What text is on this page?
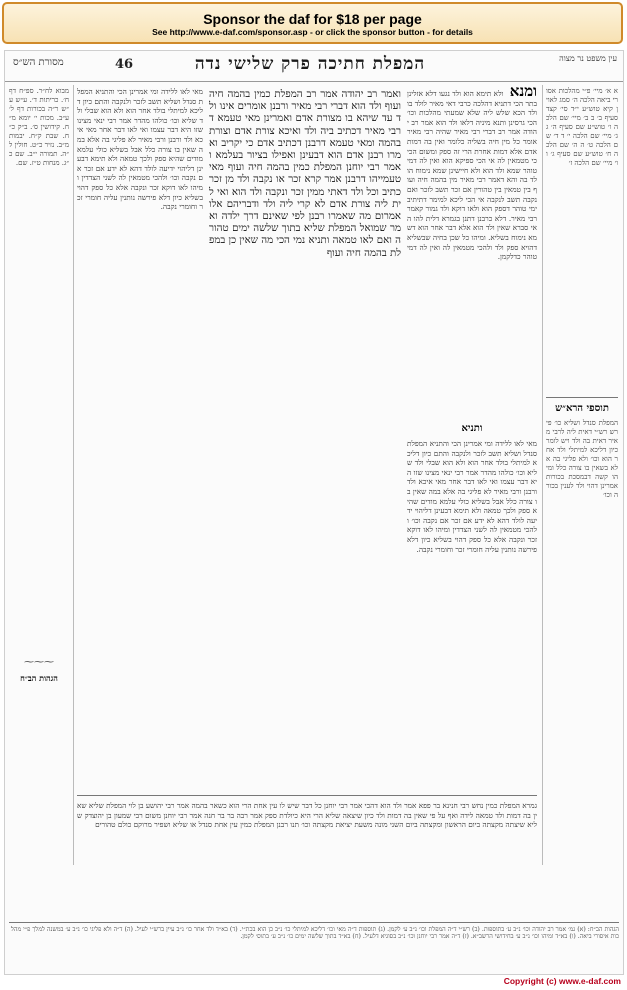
Sponsor the daf for $18 per page
See http://www.e-daf.com/sponsor.asp - or click the sponsor button - for details
מסורת הש״ס	46	המפלת חתיכה פרק שלישי נדה	עין משפט נר מצוה
מבוא לח״ר. ספ״ח דף ח׳. כריתות ד׳. ע״ש ע״ש ר״ה בכורות דף ל׳ ע״ב. מכות י׳ יומא מ״ח. קידושין ס׳. ב״ק כ״ח. שבת ק״ח. יבמות מ״ב. נזיר כ״ט. חולין ל״ה. תמורה י״ב. שם כ״ג. מנחות ט״ז. שם.
מאי לאו ללידה ומי אמרינן הכי והתניא המפלת סנדל ושליא תשב לזכר ולנקבה והתם כיון דליכא למיתלי בולד אחר הוא ולא הוא שבלי ולד שליא וכו׳ כולהו מהדר אמר רבי ינאי מצינו שזו היא דבר עצמו ואי לאו דבר אחר מאי איכא ולד ורבנן ורבי מאיר לא פליגי בה אלא במה שאין בו צורה כלל אבל בשליא כולי עלמא מודים שהיא ספק ולכך טמאה ולא תימא דבעינן דליהוי ידיעה לולד דהא לא ידע אם זכר אם נקבה וכו׳ ולהכי מטמאין לה לשני הצדדין ומיהו לאו דוקא זכר ונקבה אלא כל ספק דהוי בשליא כיון דלא פירשה נותנין עליה חומרי זכר וחומרי נקבה.
ואמר רב יהודה אמר רב המפלת כמין בהמה חיה ועוף ולד הוא דברי רבי מאיר ורבנן אומרים אינו ולד עד שיהא בו מצורת אדם ואמרינן מאי טעמא דרבי מאיר דכתיב ביה ולד ואיכא צורת אדם וצורת בהמה ומאי טעמא דרבנן דכתיב אדם כי יקריב ואמרו רבנן אדם הוא דבעינן ואפילו בציור בעלמא ואמר רבי יוחנן המפלת כמין בהמה חיה ועוף מאי טעמייהו דרבנן אמר קרא זכר או נקבה ולד מן זכר כתיב וכל ולד דאתי ממין זכר ונקבה ולד הוא ואי לית ליה צורת אדם לא קרי ליה ולד ודבריהם אלו אמרום מה שאמרו רבנן לפי שאינם דרך ילדה ואמר שמואל המפלת שליא בתוך שלשה ימים טהורה ואם לאו טמאה ותניא נמי הכי מה שאין כן במפלת בהמה חיה ועוף
ומנא ולא תימא הוא ולד נגעו דלא אזלינן בתר הכי דתניא דהלכה כרבי דאי מאיר לולד בוולד הכא שלש ליה שלא שמעתי מהלכות וכו׳ הכי גרסינן ותנא מיניה דלאו ולד הוא אמר רב יהודה אמר רב דברי רבי מאיר שהיה רבי מאיר אומר כל מין חיה בשליה כלומר ואין בה דמות אדם אלא דמות אחרת הרי זה ספק ומשום הכי כי מטמאין לה אי הכי ספיקא הוא ואין לה דמי טוהר שמא ולד הוא ולא חיישינן שמא נימוח הולד בה והא דאמר רבי מאיר מין בהמה חיה ועוף בין טמאין בין טהורין אם זכר תשב לזכר ואם נקבה תשב לנקבה אי הכי ליכא למימר דתיתיב ימי טוהר דספק הוא ולאו דוקא ולד גמור קאמר רבי מאיר. דלא כרבנן דתנן בגמרא דלית להו האי סברא שאין ולד הוא אלא דבר אחר הוא דשמא נימוח בשליא. ומיהו כל שכן בחיה שבשליא דהויא ספק ולד ולהכי מטמאין לה ואין לה דמי טוהר כדלקמן.
ותניא
מאי לאו ללידה ומי אמרינן הכי והתניא המפלת סנדל ושליא תשב לזכר ולנקבה והתם כיון דליכא למיתלי בולד אחר הוא ולא הוא שבלי ולד שליא וכו׳ כולהו מהדר אמר רבי ינאי מצינו שזו היא דבר עצמו ואי לאו דבר אחר מאי איכא ולד ורבנן ורבי מאיר לא פליגי בה אלא במה שאין בו צורה כלל אבל בשליא כולי עלמא מודים שהיא ספק ולכך טמאה ולא תימא דבעינן דליהוי ידיעה לולד דהא לא ידע אם זכר אם נקבה וכו׳ ולהכי מטמאין לה לשני הצדדין ומיהו לאו דוקא זכר ונקבה אלא כל ספק דהוי בשליא כיון דלא פירשה נותנין עליה חומרי זכר וחומרי נקבה.
א א׳ מיי׳ פ״י מהלכות אסורי ביאה הלכה ה׳ סמג לאוין קיא טוש״ע י״ד סי׳ קצד סעיף ב׳ ב ב׳ מיי׳ שם הלכה ו׳ טוש״ע שם סעיף ה׳ ג ג׳ מיי׳ שם הלכה י׳ ד ד׳ שם הלכה ט׳ ה ה׳ שם הלכה ח׳ טוש״ע שם סעיף ג׳ ו ו׳ מיי׳ שם הלכה ז׳
תוספי הרא״ש
המפלת סנדל ושליא כו׳ פירש רש״י דאית ליה לרבי מאיר דאית בה ולד ויש לומר כיון דליכא למיתלי ולד אחר הוא וכו׳ ולא פליגי בה אלא בשאין בו צורה כלל ומיהו קשה דבמסכת בכורות אמרינן דהוי ולד לענין בכורה וכו׳
⁓⁓⁓
הגהות הב״ח
גמרא המפלת כמין נחש רבי חנינא בר פפא אמר ולד הוא דהכי אמר רבי יוחנן כל דבר שיש לו עין אחת הרי הוא כשאר בהמה אמר רבי יהושע בן לוי המפלת שליא שאין בה דמות ולד טמאה לידה ואף על פי שאין בה דמות ולד כיון שיצאה שליא הרי היא כיולדת ספק אמר רבה בר בר חנה אמר רבי יוחנן משום רבי שמעון בן יהוצדק שליא שיצתה מקצתה ביום הראשון ומקצתה ביום השני מונה משעת יציאת מקצתה וכו׳ תנו רבנן המפלת כמין עין אחת סנדל או שליא ושפיר מרוקם כולם טהורים
הגהות הב״ח: (א) גמ׳ אמר רב יהודה וכו׳ נ״ב ע׳ בתוספות. (ב) רש״י ד״ה המפלת וכו׳ נ״ב ע׳ לקמן. (ג) תוספות ד״ה מאי וכו׳ דליכא למיתלי כו׳ נ״ב כן הוא בכת״י. (ד) בא״ד ולד אחר כו׳ נ״ב עיין ברש״י לעיל. (ה) ד״ה ולא פליגי כו׳ נ״ב ע׳ במשנה למלך פ״י מהלכות איסורי ביאה. (ו) בא״ד ומיהו וכו׳ נ״ב ע׳ בחידושי הרשב״א. (ז) ד״ה אמר רבי יוחנן וכו׳ נ״ב בסוגיא דלעיל. (ח) בא״ד בתוך שלשה ימים כו׳ נ״ב ע׳ בתוס׳ לקמן.
Copyright (c) www.e-daf.com
